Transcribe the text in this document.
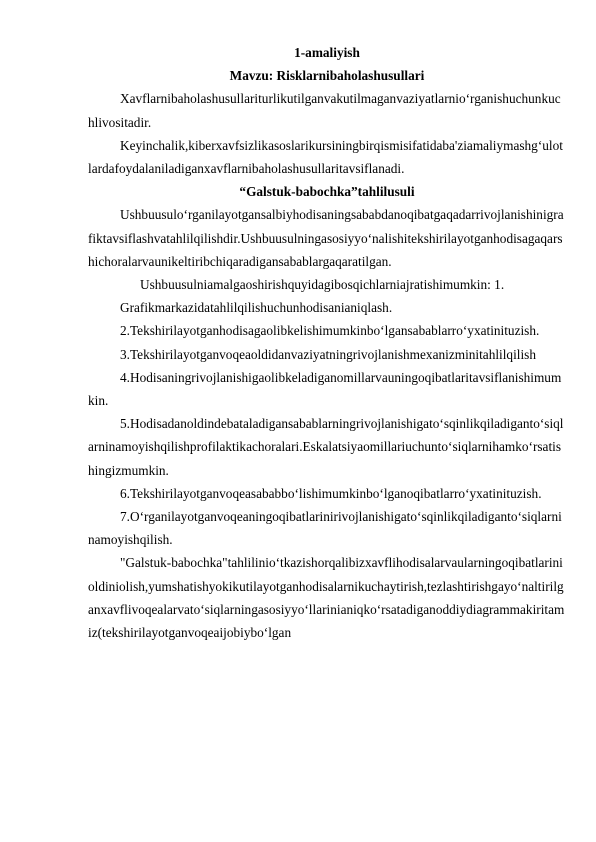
1-amaliyish
Mavzu: Risklarnibaholashusullari
Xavflarnibaholashusullariturlikutilganvakutilmaganvaziyatlarnio‘rganishuchunkuchlivositadir.
Keyinchalik,kiberxavfsizlikasoslarikursiningbirqismisifatidaba'ziamaliymashg‘ulotlardafoydalaniladiganxavflarnibaholashusullaritavsiflanadi.
“Galstuk-babochka”tahlilusuli
Ushbuusulo‘rganilayotgansalbiyhodisaningsababdanoqibatgaqadarrivojlanishinigrafiktavsiflashvatahlilqilishdir.Ushbuusulningasosiyyo‘nalishitekshirilayotganhodisagaqarshichoralarvaunikeltiribchiqaradigansabablargaqaratilgan.
Ushbuusulniamalgaoshirishquyidagibosqichlarniajratishimumkin: 1.
Grafikmarkazidatahlilqilishuchunhodisanianiqlash.
2.Tekshirilayotganhodisagaolibkelishimumkinbo‘lgansabablarro‘yxatinituzish.
3.Tekshirilayotganvoqeaoldidanvaziyatningrivojlanishmexanizminitahlilqilish
4.Hodisaningrivojlanishigaolibkeladiganomillarvauningoqibatlaritavsiflanishimumkin.
5.Hodisadanoldindebataladigansabablarningrivojlanishigato‘sqinlikqiladiganto‘siqlarninamoyishqilishprofilaktikachoralari.Eskalatsiyaomillariuchunto‘siqlarnihamko‘rsatishingizmumkin.
6.Tekshirilayotganvoqeasababbo‘lishimumkinbo‘lganoqibatlarro‘yxatinituzish.
7.O‘rganilayotganvoqeaningoqibatlarinirivojlanishigato‘sqinlikqiladiganto‘siqlarninamoyishqilish.
"Galstuk-babochka"tahlilinio‘tkazishorqalibizxavflihodisalarvaularningoqibatlarinioldiniolish,yumshatishyokikutilayotganhodisalarnikuchaytirish,tezlashtirishgayo‘naltirilganxavflivoqealarvato‘siqlarningasosiyyo‘llarinianiqko‘rsatadiganoddiydiagrammakiritamiz(tekshirilayotganvoqeaijobiybo‘lgan
